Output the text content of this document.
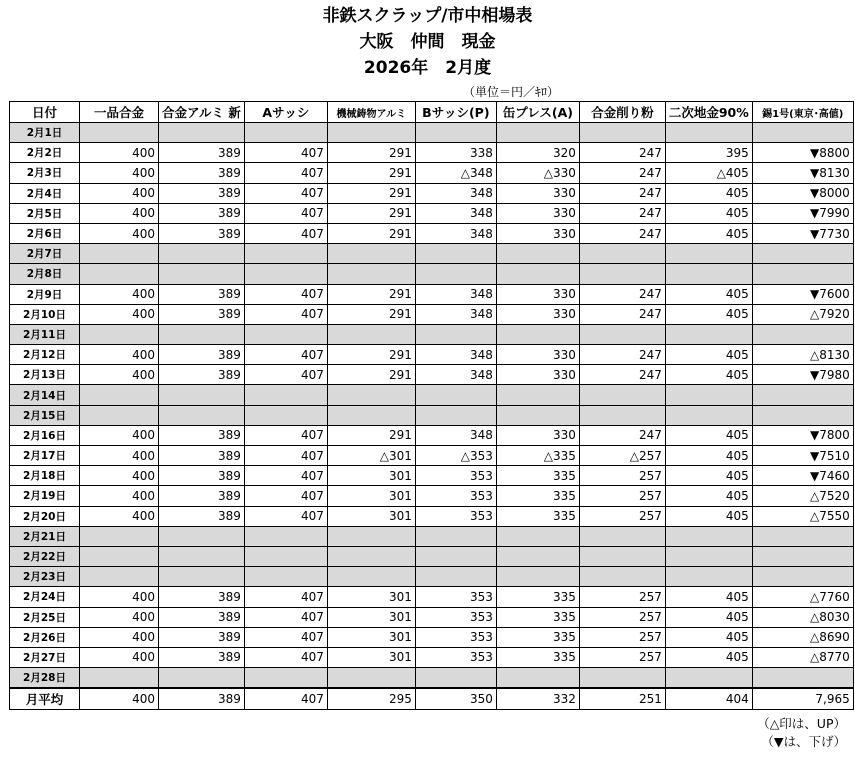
非鉄スクラップ/市中相場表
大阪　仲間　現金
2026年　2月度
（単位＝円／ｷﾛ）
日付	一品合金	合金アルミ 新	Aサッシ	機械鋳物アルミ	Bサッシ(P)	缶プレス(A)	合金削り粉	二次地金90%	錫1号(東京･高値)
2月1日									
2月2日	400	389	407	291	338	320	247	395	▼8800
2月3日	400	389	407	291	△348	△330	247	△405	▼8130
2月4日	400	389	407	291	348	330	247	405	▼8000
2月5日	400	389	407	291	348	330	247	405	▼7990
2月6日	400	389	407	291	348	330	247	405	▼7730
2月7日									
2月8日									
2月9日	400	389	407	291	348	330	247	405	▼7600
2月10日	400	389	407	291	348	330	247	405	△7920
2月11日									
2月12日	400	389	407	291	348	330	247	405	△8130
2月13日	400	389	407	291	348	330	247	405	▼7980
2月14日									
2月15日									
2月16日	400	389	407	291	348	330	247	405	▼7800
2月17日	400	389	407	△301	△353	△335	△257	405	▼7510
2月18日	400	389	407	301	353	335	257	405	▼7460
2月19日	400	389	407	301	353	335	257	405	△7520
2月20日	400	389	407	301	353	335	257	405	△7550
2月21日									
2月22日									
2月23日									
2月24日	400	389	407	301	353	335	257	405	△7760
2月25日	400	389	407	301	353	335	257	405	△8030
2月26日	400	389	407	301	353	335	257	405	△8690
2月27日	400	389	407	301	353	335	257	405	△8770
2月28日									
月平均	400	389	407	295	350	332	251	404	7,965
（△印は、UP）
（▼は、下げ）
